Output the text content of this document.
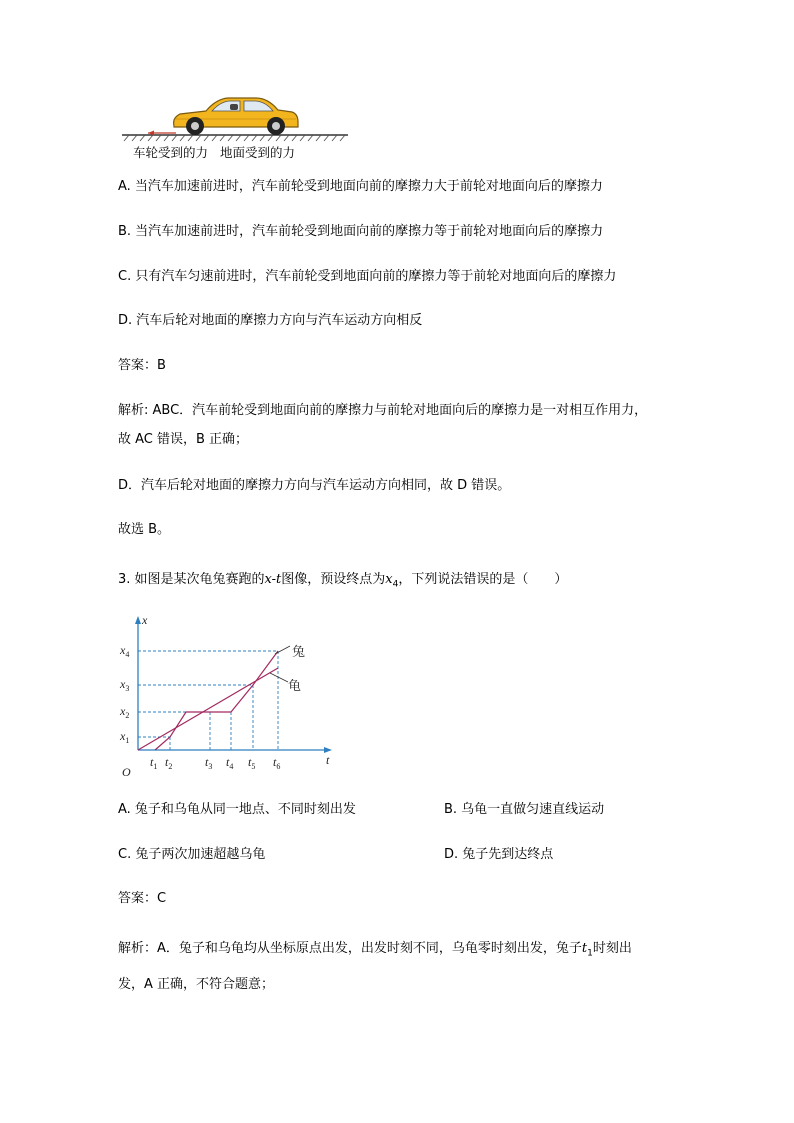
车轮受到的力 地面受到的力
A. 当汽车加速前进时，汽车前轮受到地面向前的摩擦力大于前轮对地面向后的摩擦力
B. 当汽车加速前进时，汽车前轮受到地面向前的摩擦力等于前轮对地面向后的摩擦力
C. 只有汽车匀速前进时，汽车前轮受到地面向前的摩擦力等于前轮对地面向后的摩擦力
D. 汽车后轮对地面的摩擦力方向与汽车运动方向相反
答案：B
解析: ABC．汽车前轮受到地面向前的摩擦力与前轮对地面向后的摩擦力是一对相互作用力，
故 AC 错误，B 正确；
D．汽车后轮对地面的摩擦力方向与汽车运动方向相同，故 D 错误。
故选 B。
3. 如图是某次龟兔赛跑的x-t图像，预设终点为$x_4$，下列说法错误的是（　　）
x
t
O
兔
龟
$x_1$
$x_2$
$x_3$
$x_4$
$t_1$ $t_2$	$t_3$ $t_4$ $t_5$ $t_6$
A. 兔子和乌龟从同一地点、不同时刻出发	B. 乌龟一直做匀速直线运动
C. 兔子两次加速超越乌龟	D. 兔子先到达终点
答案：C
解析：A．兔子和乌龟均从坐标原点出发，出发时刻不同，乌龟零时刻出发，兔子$t_1$时刻出
发，A 正确，不符合题意；
